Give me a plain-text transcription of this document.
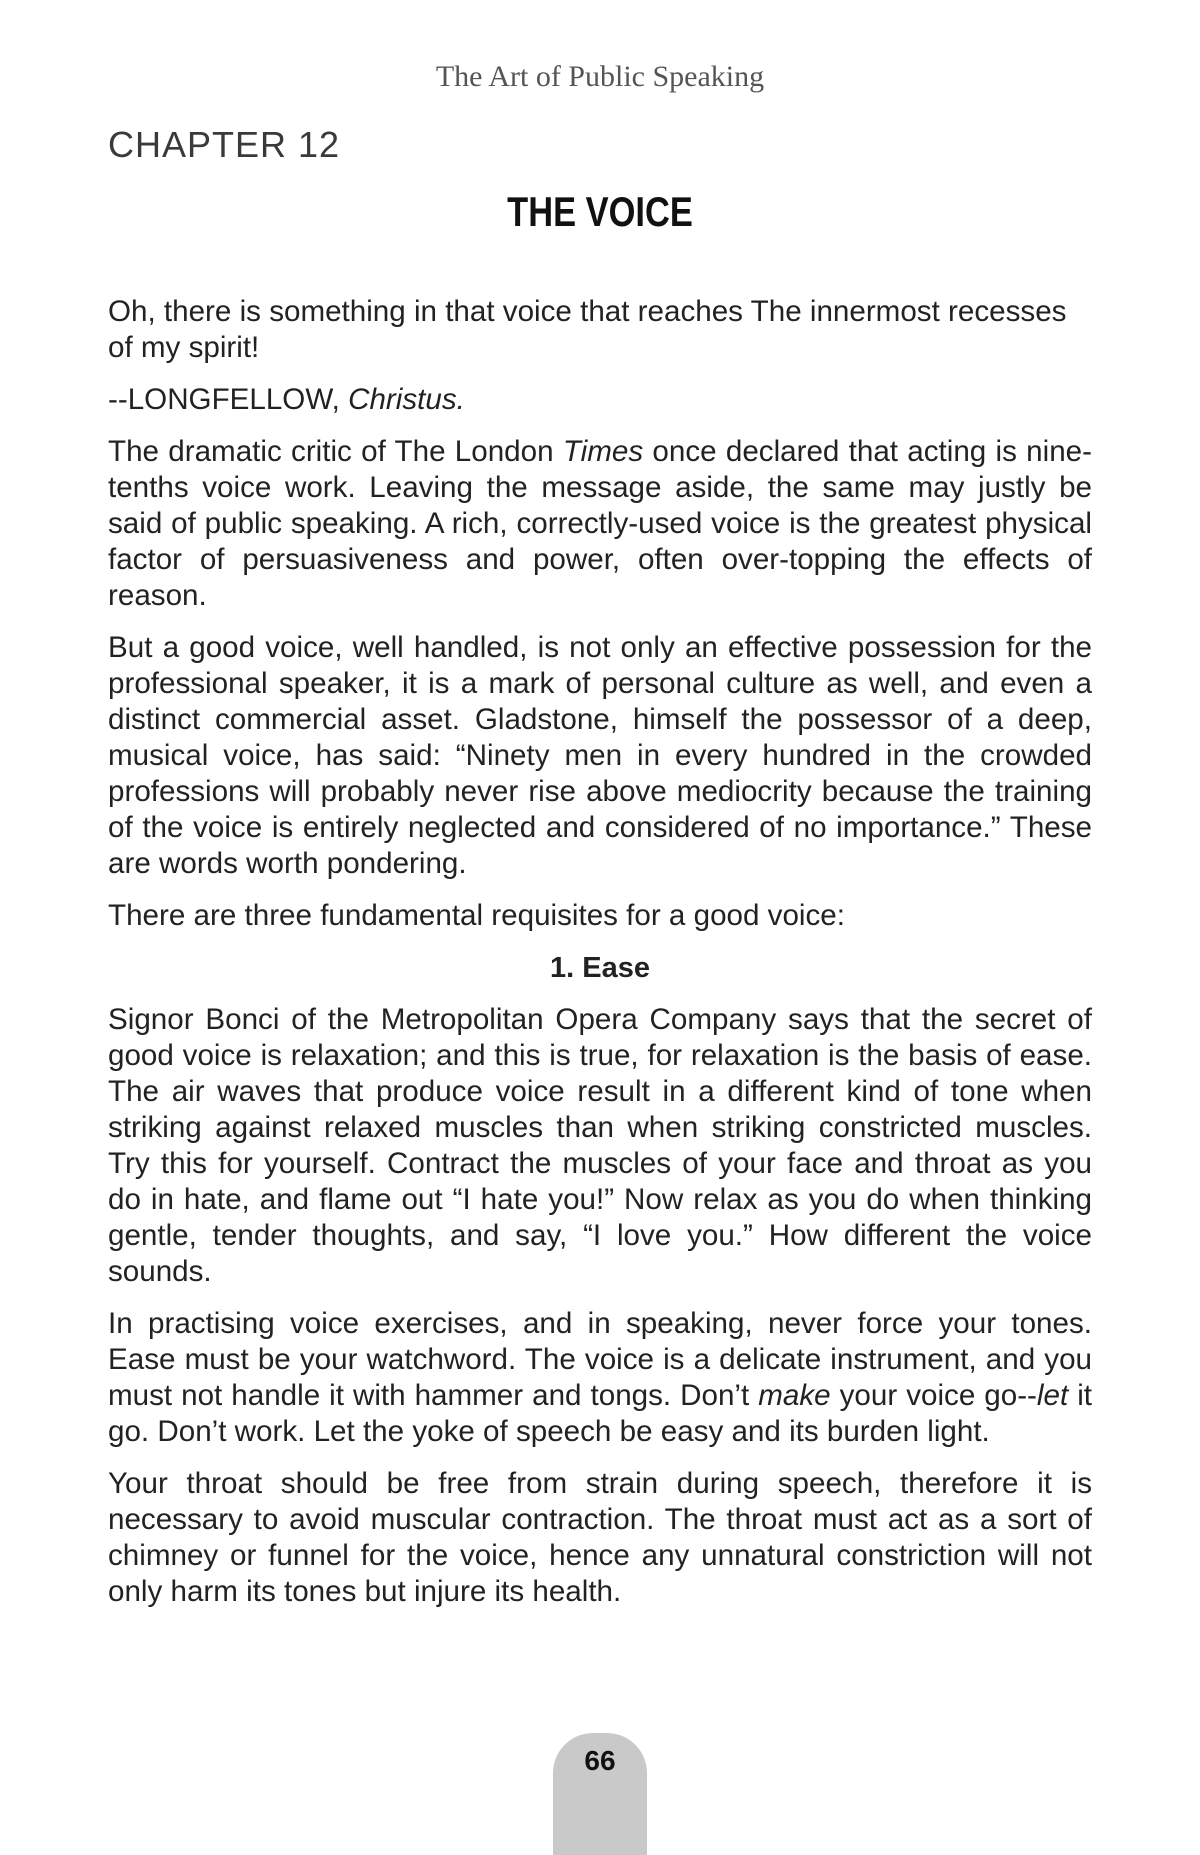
The Art of Public Speaking
CHAPTER 12
THE VOICE

Oh, there is something in that voice that reaches The innermost recesses of my spirit!

--LONGFELLOW, Christus.

The dramatic critic of The London Times once declared that acting is nine-tenths voice work. Leaving the message aside, the same may justly be said of public speaking. A rich, correctly-used voice is the greatest physical factor of persuasiveness and power, often over-topping the effects of reason.

But a good voice, well handled, is not only an effective possession for the professional speaker, it is a mark of personal culture as well, and even a distinct commercial asset. Gladstone, himself the possessor of a deep, musical voice, has said: “Ninety men in every hundred in the crowded professions will probably never rise above mediocrity because the training of the voice is entirely neglected and considered of no importance.” These are words worth pondering.

There are three fundamental requisites for a good voice:

1. Ease

Signor Bonci of the Metropolitan Opera Company says that the secret of good voice is relaxation; and this is true, for relaxation is the basis of ease. The air waves that produce voice result in a different kind of tone when striking against relaxed muscles than when striking constricted muscles. Try this for yourself. Contract the muscles of your face and throat as you do in hate, and flame out “I hate you!” Now relax as you do when thinking gentle, tender thoughts, and say, “I love you.” How different the voice sounds.

In practising voice exercises, and in speaking, never force your tones. Ease must be your watchword. The voice is a delicate instrument, and you must not handle it with hammer and tongs. Don’t make your voice go--let it go. Don’t work. Let the yoke of speech be easy and its burden light.

Your throat should be free from strain during speech, therefore it is necessary to avoid muscular contraction. The throat must act as a sort of chimney or funnel for the voice, hence any unnatural constriction will not only harm its tones but injure its health.

66
